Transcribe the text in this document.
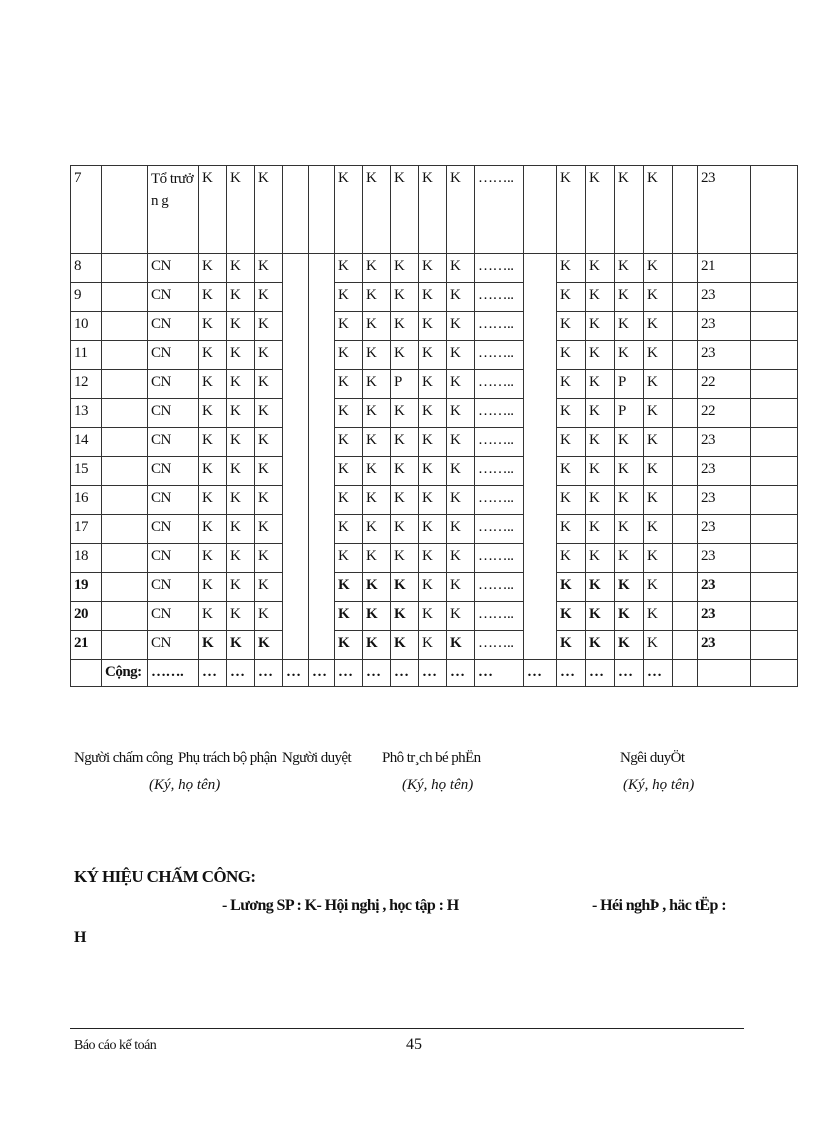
7		Tổ trưởn g	K	K	K			K	K	K	K	K	……..		K	K	K	K		23	
8		CN	K	K	K			K	K	K	K	K	……..		K	K	K	K		21	
9		CN	K	K	K			K	K	K	K	K	……..		K	K	K	K		23	
10		CN	K	K	K			K	K	K	K	K	……..		K	K	K	K		23	
11		CN	K	K	K			K	K	K	K	K	……..		K	K	K	K		23	
12		CN	K	K	K			K	K	P	K	K	……..		K	K	P	K		22	
13		CN	K	K	K			K	K	K	K	K	……..		K	K	P	K		22	
14		CN	K	K	K			K	K	K	K	K	……..		K	K	K	K		23	
15		CN	K	K	K			K	K	K	K	K	……..		K	K	K	K		23	
16		CN	K	K	K			K	K	K	K	K	……..		K	K	K	K		23	
17		CN	K	K	K			K	K	K	K	K	……..		K	K	K	K		23	
18		CN	K	K	K			K	K	K	K	K	……..		K	K	K	K		23	
19		CN	K	K	K			K	K	K	K	K	……..		K	K	K	K		23	
20		CN	K	K	K			K	K	K	K	K	……..		K	K	K	K		23	
21		CN	K	K	K			K	K	K	K	K	……..		K	K	K	K		23	
	Cộng:	…….	…	…	…	…	…	…	…	…	…	…	…	…	…	…	…	…			
Người chấm công Phụ trách bộ phận Người duyệt Phô tr¸ch bé phËn	Ngêi duyÖt
(Ký, họ tên)	(Ký, họ tên)	(Ký, họ tên)
KÝ HIỆU CHẤM CÔNG:
- Lương SP : K- Hội nghị , học tập : H	- Héi nghÞ , häc tËp :
H
Báo cáo kế toán	45
